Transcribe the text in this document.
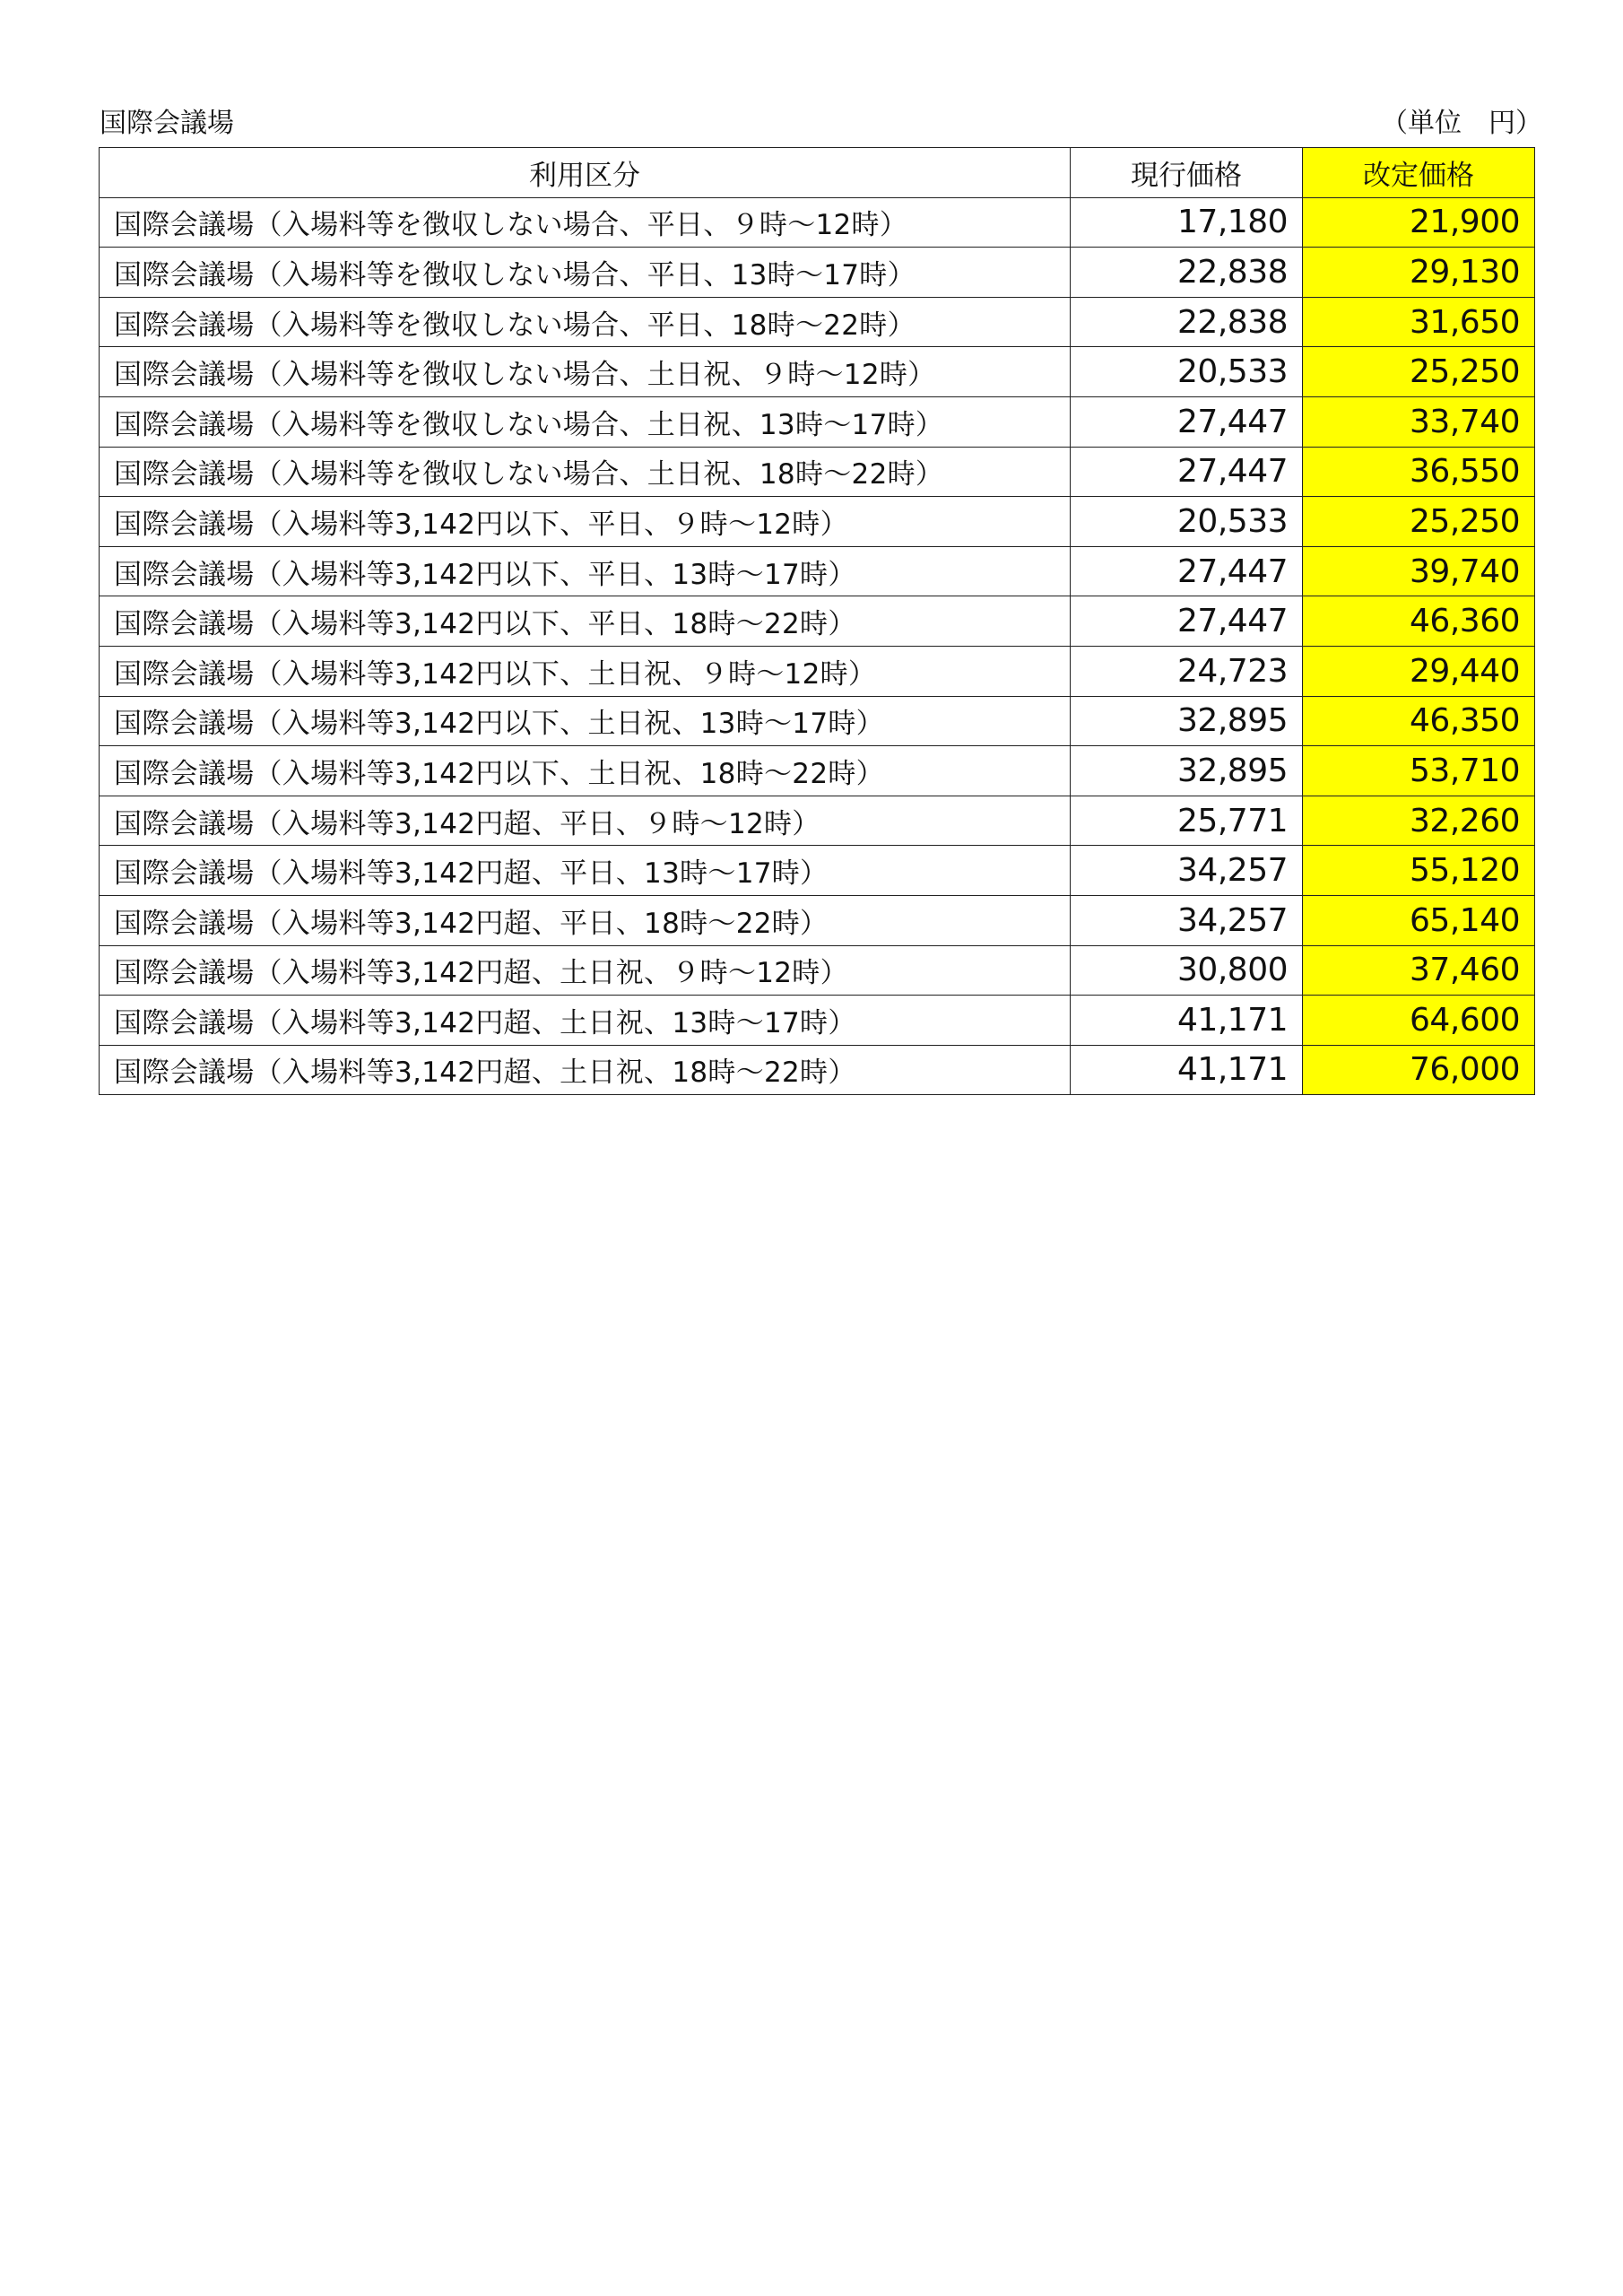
国際会議場	（単位　円）
利用区分	現行価格	改定価格
国際会議場（入場料等を徴収しない場合、平日、９時～12時）	17,180	21,900
国際会議場（入場料等を徴収しない場合、平日、13時～17時）	22,838	29,130
国際会議場（入場料等を徴収しない場合、平日、18時～22時）	22,838	31,650
国際会議場（入場料等を徴収しない場合、土日祝、９時～12時）	20,533	25,250
国際会議場（入場料等を徴収しない場合、土日祝、13時～17時）	27,447	33,740
国際会議場（入場料等を徴収しない場合、土日祝、18時～22時）	27,447	36,550
国際会議場（入場料等3,142円以下、平日、９時～12時）	20,533	25,250
国際会議場（入場料等3,142円以下、平日、13時～17時）	27,447	39,740
国際会議場（入場料等3,142円以下、平日、18時～22時）	27,447	46,360
国際会議場（入場料等3,142円以下、土日祝、９時～12時）	24,723	29,440
国際会議場（入場料等3,142円以下、土日祝、13時～17時）	32,895	46,350
国際会議場（入場料等3,142円以下、土日祝、18時～22時）	32,895	53,710
国際会議場（入場料等3,142円超、平日、９時～12時）	25,771	32,260
国際会議場（入場料等3,142円超、平日、13時～17時）	34,257	55,120
国際会議場（入場料等3,142円超、平日、18時～22時）	34,257	65,140
国際会議場（入場料等3,142円超、土日祝、９時～12時）	30,800	37,460
国際会議場（入場料等3,142円超、土日祝、13時～17時）	41,171	64,600
国際会議場（入場料等3,142円超、土日祝、18時～22時）	41,171	76,000
